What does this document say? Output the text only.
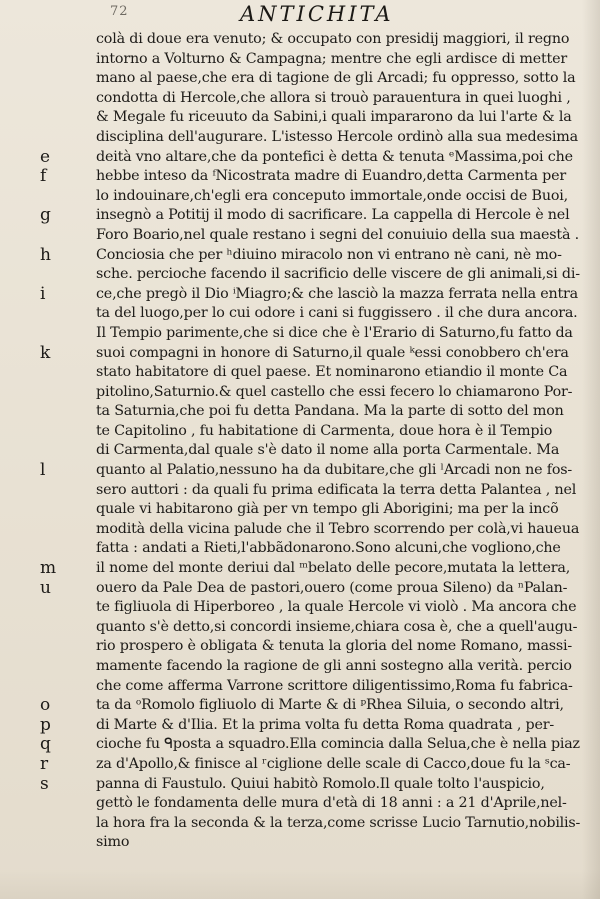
72	ANTICHITA
colà di doue era venuto; & occupato con presidij maggiori, il regno
intorno a Volturno & Campagna; mentre che egli ardisce di metter
mano al paese,che era di tagione de gli Arcadi; fu oppresso, sotto la
condotta di Hercole,che allora si trouò parauentura in quei luoghi ,
& Megale fu riceuuto da Sabini,i quali impararono da lui l'arte & la
disciplina dell'augurare. L'istesso Hercole ordinò alla sua medesima
e	deità vno altare,che da pontefici è detta & tenuta ᵉMassima,poi che
f	hebbe inteso da ᶠNicostrata madre di Euandro,detta Carmenta per
lo indouinare,ch'egli era conceputo immortale,onde occisi de Buoi,
g	insegnò a Potitij il modo di sacrificare. La cappella di Hercole è nel
Foro Boario,nel quale restano i segni del conuiuio della sua maestà .
h	Conciosia che per ʰdiuino miracolo non vi entrano nè cani, nè mo-
sche. percioche facendo il sacrificio delle viscere de gli animali,si di-
i	ce,che pregò il Dio ⁱMiagro;& che lasciò la mazza ferrata nella entra
ta del luogo,per lo cui odore i cani si fuggissero . il che dura ancora.
Il Tempio parimente,che si dice che è l'Erario di Saturno,fu fatto da
k	suoi compagni in honore di Saturno,il quale ᵏessi conobbero ch'era
stato habitatore di quel paese. Et nominarono etiandio il monte Ca
pitolino,Saturnio.& quel castello che essi fecero lo chiamarono Por-
ta Saturnia,che poi fu detta Pandana. Ma la parte di sotto del mon
te Capitolino , fu habitatione di Carmenta, doue hora è il Tempio
di Carmenta,dal quale s'è dato il nome alla porta Carmentale. Ma
l	quanto al Palatio,nessuno ha da dubitare,che gli ˡArcadi non ne fos-
sero auttori : da quali fu prima edificata la terra detta Palantea , nel
quale vi habitarono già per vn tempo gli Aborigini; ma per la incõ
modità della vicina palude che il Tebro scorrendo per colà,vi haueua
fatta : andati a Rieti,l'abbãdonarono.Sono alcuni,che vogliono,che
m	il nome del monte deriui dal ᵐbelato delle pecore,mutata la lettera,
u	ouero da Pale Dea de pastori,ouero (come proua Sileno) da ⁿPalan-
te figliuola di Hiperboreo , la quale Hercole vi violò . Ma ancora che
quanto s'è detto,si concordi insieme,chiara cosa è, che a quell'augu-
rio prospero è obligata & tenuta la gloria del nome Romano, massi-
mamente facendo la ragione de gli anni sostegno alla verità. percio
che come afferma Varrone scrittore diligentissimo,Roma fu fabrica-
o	ta da ᵒRomolo figliuolo di Marte & di ᵖRhea Siluia, o secondo altri,
p	di Marte & d'Ilia. Et la prima volta fu detta Roma quadrata , per-
q	cioche fu ᑫposta a squadro.Ella comincia dalla Selua,che è nella piaz
r	za d'Apollo,& finisce al ʳciglione delle scale di Cacco,doue fu la ˢca-
s	panna di Faustulo. Quiui habitò Romolo.Il quale tolto l'auspicio,
gettò le fondamenta delle mura d'età di 18 anni : a 21 d'Aprile,nel-
la hora fra la seconda & la terza,come scrisse Lucio Tarnutio,nobilis-
simo
